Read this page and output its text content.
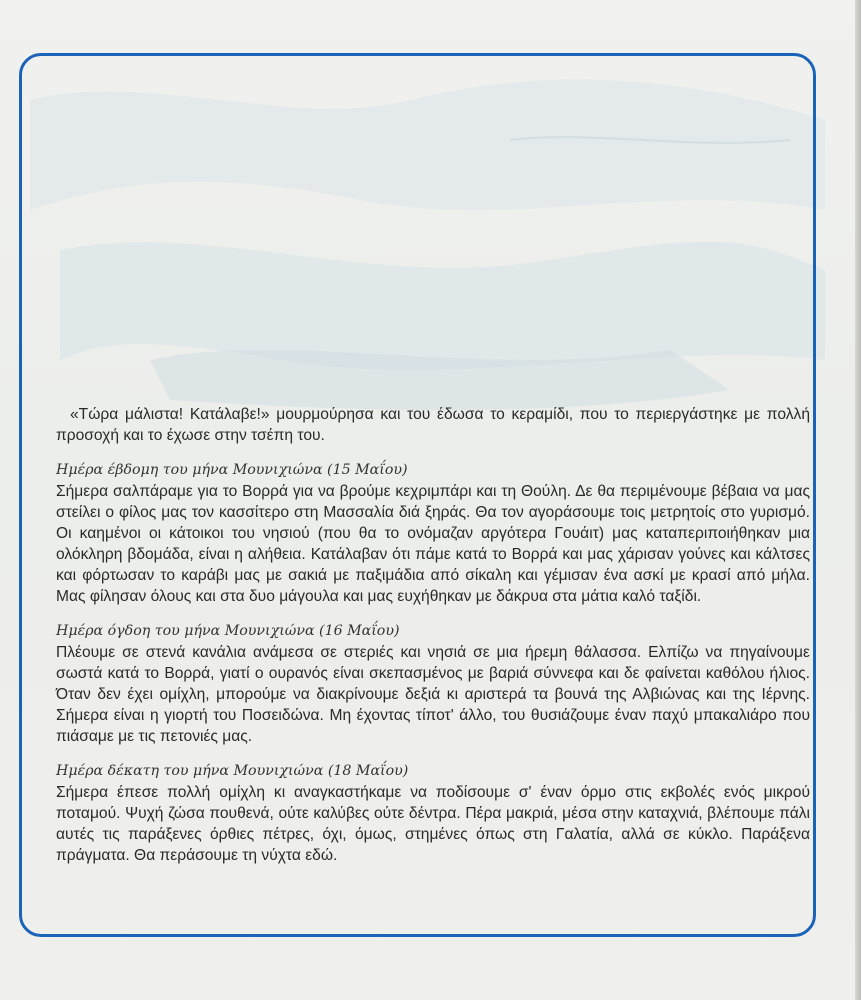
«Τώρα μάλιστα! Κατάλαβε!» μουρμούρησα και του έδωσα το κεραμίδι, που το περιεργάστηκε με πολλή προσοχή και το έχωσε στην τσέπη του.

Ημέρα έβδομη του μήνα Μουνιχιώνα (15 Μαΐου)

Σήμερα σαλπάραμε για το Βορρά για να βρούμε κεχριμπάρι και τη Θούλη. Δε θα περιμένουμε βέβαια να μας στείλει ο φίλος μας τον κασσίτερο στη Μασσαλία διά ξηράς. Θα τον αγοράσουμε τοις μετρητοίς στο γυρισμό. Οι καημένοι οι κάτοικοι του νησιού (που θα το ονόμαζαν αργότερα Γουάιτ) μας καταπεριποιήθηκαν μια ολόκληρη βδομάδα, είναι η αλήθεια. Κατάλαβαν ότι πάμε κατά το Βορρά και μας χάρισαν γούνες και κάλτσες και φόρτωσαν το καράβι μας με σακιά με παξιμάδια από σίκαλη και γέμισαν ένα ασκί με κρασί από μήλα. Μας φίλησαν όλους και στα δυο μάγουλα και μας ευχήθηκαν με δάκρυα στα μάτια καλό ταξίδι.

Ημέρα όγδοη του μήνα Μουνιχιώνα (16 Μαΐου)

Πλέουμε σε στενά κανάλια ανάμεσα σε στεριές και νησιά σε μια ήρεμη θάλασσα. Ελπίζω να πηγαίνουμε σωστά κατά το Βορρά, γιατί ο ουρανός είναι σκεπασμένος με βαριά σύννεφα και δε φαίνεται καθόλου ήλιος. Όταν δεν έχει ομίχλη, μπορούμε να διακρίνουμε δεξιά κι αριστερά τα βουνά της Αλβιώνας και της Ιέρνης. Σήμερα είναι η γιορτή του Ποσειδώνα. Μη έχοντας τίποτ' άλλο, του θυσιάζουμε έναν παχύ μπακαλιάρο που πιάσαμε με τις πετονιές μας.

Ημέρα δέκατη του μήνα Μουνιχιώνα (18 Μαΐου)

Σήμερα έπεσε πολλή ομίχλη κι αναγκαστήκαμε να ποδίσουμε σ' έναν όρμο στις εκβολές ενός μικρού ποταμού. Ψυχή ζώσα πουθενά, ούτε καλύβες ούτε δέντρα. Πέρα μακριά, μέσα στην καταχνιά, βλέπουμε πάλι αυτές τις παράξενες όρθιες πέτρες, όχι, όμως, στημένες όπως στη Γαλατία, αλλά σε κύκλο. Παράξενα πράγματα. Θα περάσουμε τη νύχτα εδώ.
